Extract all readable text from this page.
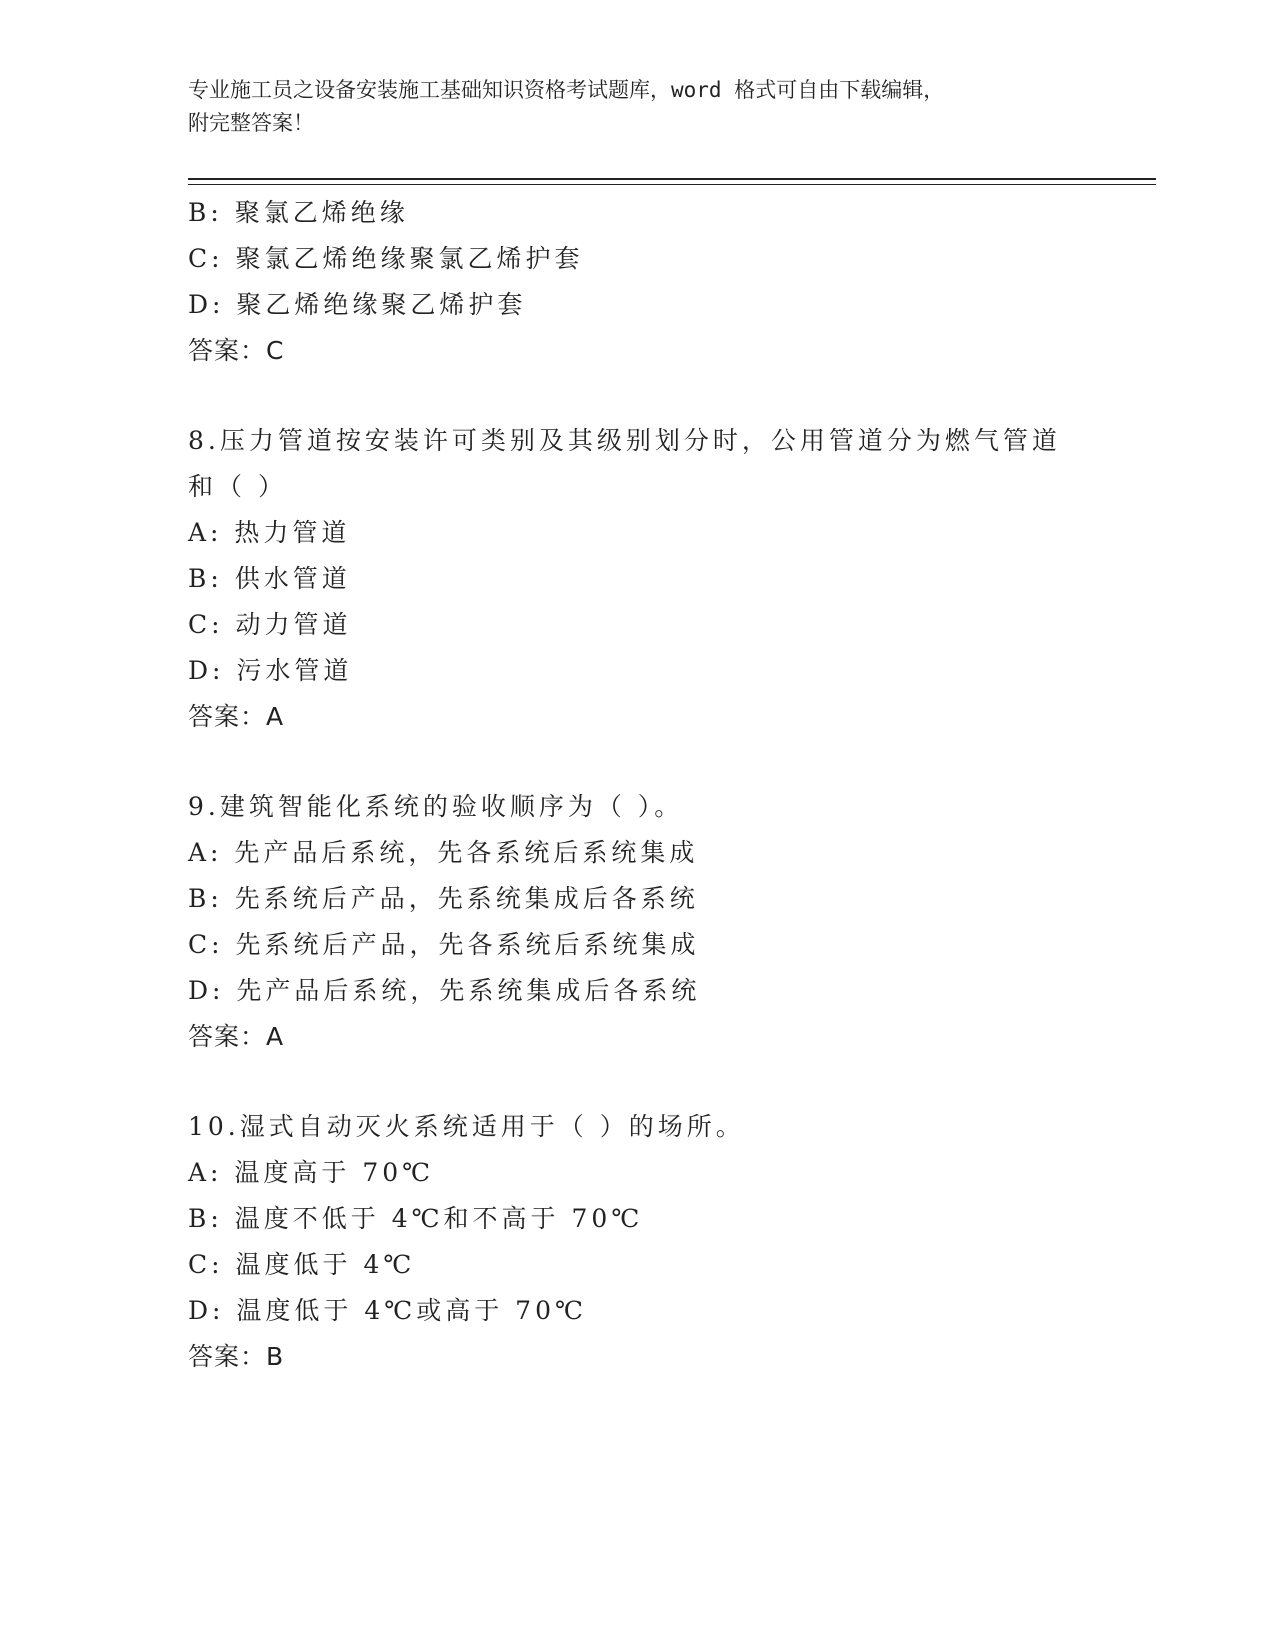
专业施工员之设备安装施工基础知识资格考试题库，word 格式可自由下载编辑，
附完整答案！
B: 聚氯乙烯绝缘
C: 聚氯乙烯绝缘聚氯乙烯护套
D: 聚乙烯绝缘聚乙烯护套
答案：C
8.压力管道按安装许可类别及其级别划分时，公用管道分为燃气管道
和（ ）
A: 热力管道
B: 供水管道
C: 动力管道
D: 污水管道
答案：A
9.建筑智能化系统的验收顺序为（ ）。
A: 先产品后系统，先各系统后系统集成
B: 先系统后产品，先系统集成后各系统
C: 先系统后产品，先各系统后系统集成
D: 先产品后系统，先系统集成后各系统
答案：A
10.湿式自动灭火系统适用于（ ）的场所。
A: 温度高于 70℃
B: 温度不低于 4℃和不高于 70℃
C: 温度低于 4℃
D: 温度低于 4℃或高于 70℃
答案：B
